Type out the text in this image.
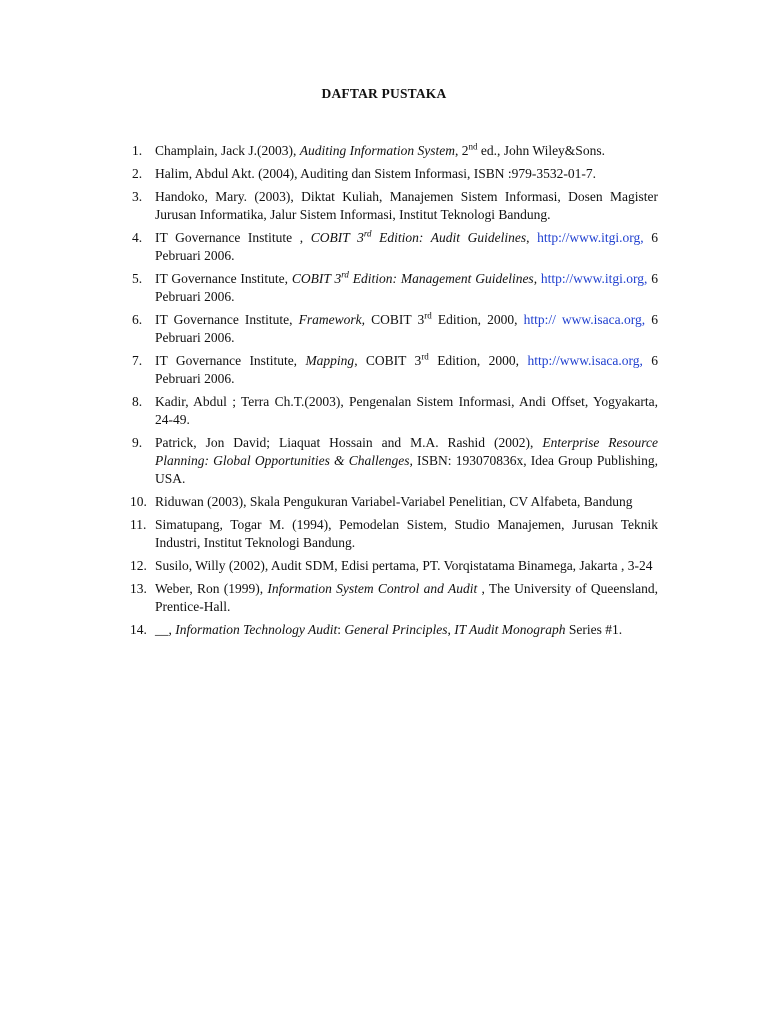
DAFTAR PUSTAKA
1. Champlain, Jack J.(2003), Auditing Information System, 2nd ed., John Wiley&Sons.
2. Halim, Abdul Akt. (2004), Auditing dan Sistem Informasi, ISBN :979-3532-01-7.
3. Handoko, Mary. (2003), Diktat Kuliah, Manajemen Sistem Informasi, Dosen Magister Jurusan Informatika, Jalur Sistem Informasi, Institut Teknologi Bandung.
4. IT Governance Institute , COBIT 3rd Edition: Audit Guidelines, http://www.itgi.org, 6 Pebruari 2006.
5. IT Governance Institute, COBIT 3rd Edition: Management Guidelines, http://www.itgi.org, 6 Pebruari 2006.
6. IT Governance Institute, Framework, COBIT 3rd Edition, 2000, http:// www.isaca.org, 6 Pebruari 2006.
7. IT Governance Institute, Mapping, COBIT 3rd Edition, 2000, http://www.isaca.org, 6 Pebruari 2006.
8. Kadir, Abdul ; Terra Ch.T.(2003), Pengenalan Sistem Informasi, Andi Offset, Yogyakarta, 24-49.
9. Patrick, Jon David; Liaquat Hossain and M.A. Rashid (2002), Enterprise Resource Planning: Global Opportunities & Challenges, ISBN: 193070836x, Idea Group Publishing, USA.
10. Riduwan (2003), Skala Pengukuran Variabel-Variabel Penelitian, CV Alfabeta, Bandung
11. Simatupang, Togar M. (1994), Pemodelan Sistem, Studio Manajemen, Jurusan Teknik Industri, Institut Teknologi Bandung.
12. Susilo, Willy (2002), Audit SDM, Edisi pertama, PT. Vorqistatama Binamega, Jakarta , 3-24
13. Weber, Ron (1999), Information System Control and Audit , The University of Queensland, Prentice-Hall.
14. __, Information Technology Audit: General Principles, IT Audit Monograph Series #1.
